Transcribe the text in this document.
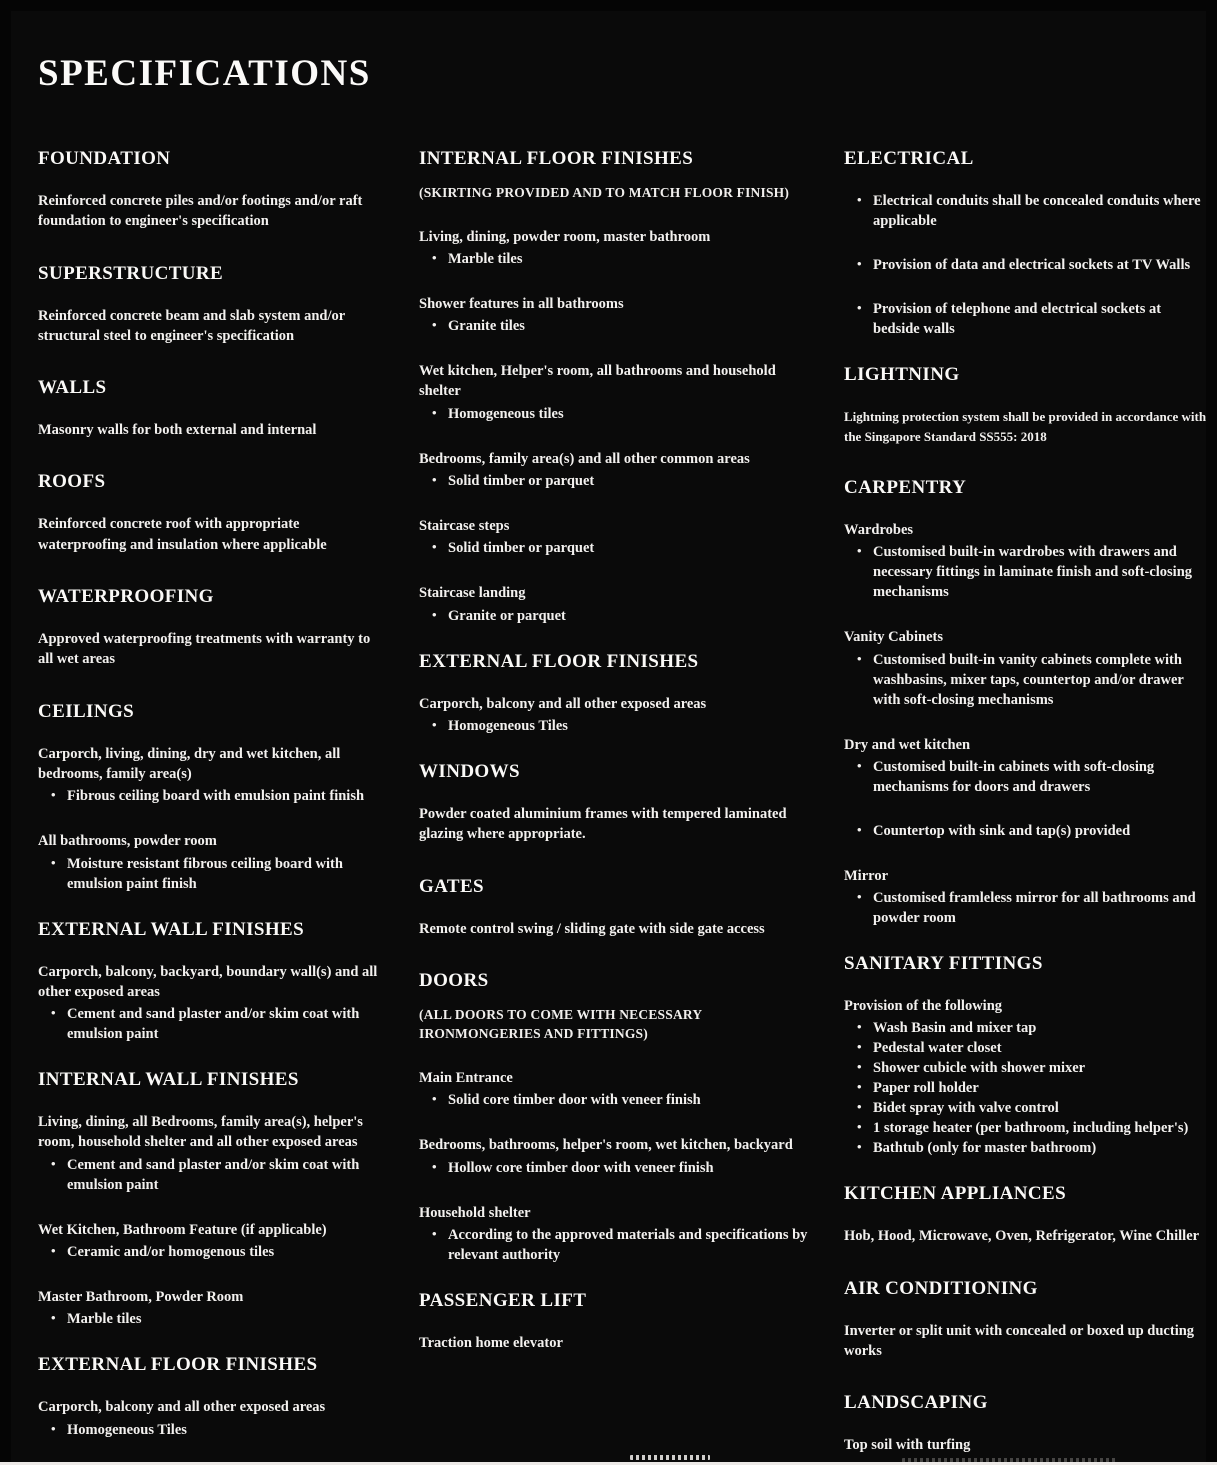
SPECIFICATIONS
FOUNDATION

Reinforced concrete piles and/or footings and/or raft foundation to engineer's specification

SUPERSTRUCTURE

Reinforced concrete beam and slab system and/or structural steel to engineer's specification

WALLS

Masonry walls for both external and internal

ROOFS

Reinforced concrete roof with appropriate waterproofing and insulation where applicable

WATERPROOFING

Approved waterproofing treatments with warranty to all wet areas

CEILINGS
Carporch, living, dining, dry and wet kitchen, all bedrooms, family area(s)
• Fibrous ceiling board with emulsion paint finish
All bathrooms, powder room
• Moisture resistant fibrous ceiling board with emulsion paint finish
EXTERNAL WALL FINISHES
Carporch, balcony, backyard, boundary wall(s) and all other exposed areas
• Cement and sand plaster and/or skim coat with emulsion paint
INTERNAL WALL FINISHES
Living, dining, all Bedrooms, family area(s), helper's room, household shelter and all other exposed areas
• Cement and sand plaster and/or skim coat with emulsion paint
Wet Kitchen, Bathroom Feature (if applicable)
• Ceramic and/or homogenous tiles
Master Bathroom, Powder Room
• Marble tiles
EXTERNAL FLOOR FINISHES
Carporch, balcony and all other exposed areas
• Homogeneous Tiles
INTERNAL FLOOR FINISHES
(SKIRTING PROVIDED AND TO MATCH FLOOR FINISH)
Living, dining, powder room, master bathroom
• Marble tiles
Shower features in all bathrooms
• Granite tiles
Wet kitchen, Helper's room, all bathrooms and household shelter
• Homogeneous tiles
Bedrooms, family area(s) and all other common areas
• Solid timber or parquet
Staircase steps
• Solid timber or parquet
Staircase landing
• Granite or parquet
EXTERNAL FLOOR FINISHES
Carporch, balcony and all other exposed areas
• Homogeneous Tiles
WINDOWS

Powder coated aluminium frames with tempered laminated glazing where appropriate.

GATES

Remote control swing / sliding gate with side gate access

DOORS
(ALL DOORS TO COME WITH NECESSARY IRONMONGERIES AND FITTINGS)
Main Entrance
• Solid core timber door with veneer finish
Bedrooms, bathrooms, helper's room, wet kitchen, backyard
• Hollow core timber door with veneer finish
Household shelter
• According to the approved materials and specifications by relevant authority
PASSENGER LIFT

Traction home elevator

ELECTRICAL
• Electrical conduits shall be concealed conduits where applicable
• Provision of data and electrical sockets at TV Walls
• Provision of telephone and electrical sockets at bedside walls
LIGHTNING

Lightning protection system shall be provided in accordance with the Singapore Standard SS555: 2018

CARPENTRY
Wardrobes
• Customised built-in wardrobes with drawers and necessary fittings in laminate finish and soft-closing mechanisms
Vanity Cabinets
• Customised built-in vanity cabinets complete with washbasins, mixer taps, countertop and/or drawer with soft-closing mechanisms
Dry and wet kitchen
• Customised built-in cabinets with soft-closing mechanisms for doors and drawers
• Countertop with sink and tap(s) provided
Mirror
• Customised framleless mirror for all bathrooms and powder room
SANITARY FITTINGS
Provision of the following
• Wash Basin and mixer tap
• Pedestal water closet
• Shower cubicle with shower mixer
• Paper roll holder
• Bidet spray with valve control
• 1 storage heater (per bathroom, including helper's)
• Bathtub (only for master bathroom)
KITCHEN APPLIANCES

Hob, Hood, Microwave, Oven, Refrigerator, Wine Chiller

AIR CONDITIONING

Inverter or split unit with concealed or boxed up ducting works

LANDSCAPING

Top soil with turfing
